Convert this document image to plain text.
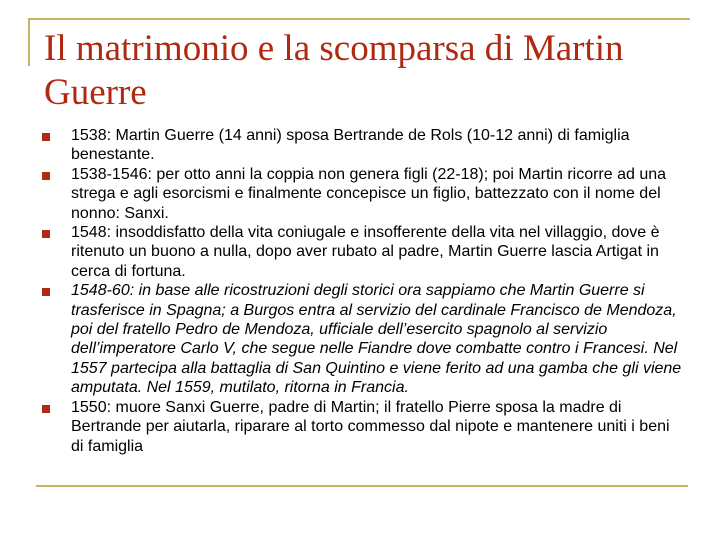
Il matrimonio e la scomparsa di Martin Guerre
1538: Martin Guerre (14 anni) sposa Bertrande de Rols (10-12 anni) di famiglia benestante.
1538-1546: per otto anni la coppia non genera figli (22-18); poi Martin ricorre ad una strega e agli esorcismi e finalmente concepisce un figlio, battezzato con il nome del nonno: Sanxi.
1548: insoddisfatto della vita coniugale e insofferente della vita nel villaggio, dove è ritenuto un buono a nulla, dopo aver rubato al padre, Martin Guerre lascia Artigat in cerca di fortuna.
1548-60: in base alle ricostruzioni degli storici ora sappiamo che Martin Guerre si trasferisce in Spagna; a Burgos entra al servizio del cardinale Francisco de Mendoza, poi del fratello Pedro de Mendoza, ufficiale dell’esercito spagnolo al servizio dell’imperatore Carlo V, che segue nelle Fiandre dove combatte contro i Francesi. Nel 1557 partecipa alla battaglia di San Quintino e viene ferito ad una gamba che gli viene amputata. Nel 1559, mutilato, ritorna in Francia.
1550: muore Sanxi Guerre, padre di Martin; il fratello Pierre sposa la madre di Bertrande per aiutarla, riparare al torto commesso dal nipote e mantenere uniti i beni di famiglia
